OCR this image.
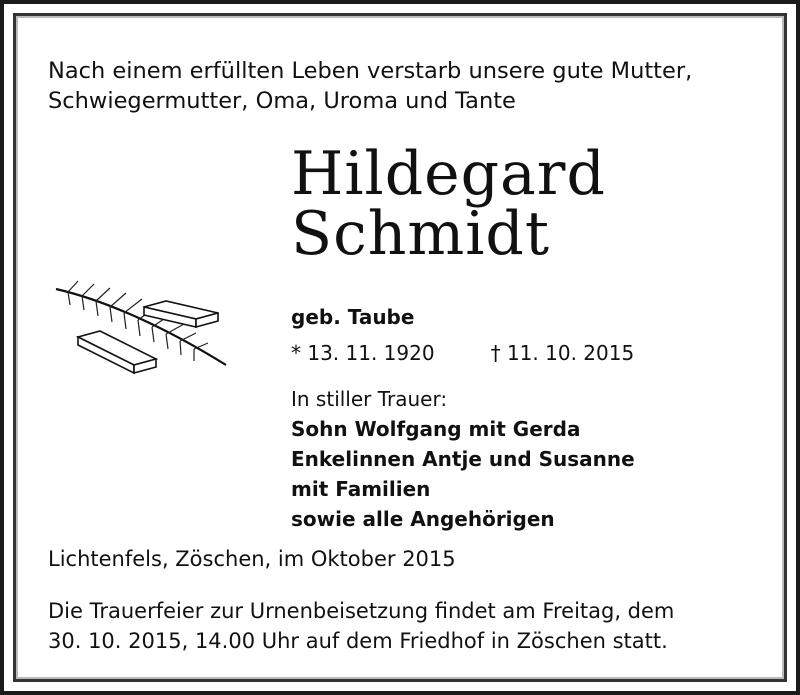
Nach einem erfüllten Leben verstarb unsere gute Mutter,
Schwiegermutter, Oma, Uroma und Tante
Hildegard
Schmidt
geb. Taube
* 13. 11. 1920	† 11. 10. 2015
In stiller Trauer:
Sohn Wolfgang mit Gerda
Enkelinnen Antje und Susanne
mit Familien
sowie alle Angehörigen
Lichtenfels, Zöschen, im Oktober 2015
Die Trauerfeier zur Urnenbeisetzung findet am Freitag, dem
30. 10. 2015, 14.00 Uhr auf dem Friedhof in Zöschen statt.
